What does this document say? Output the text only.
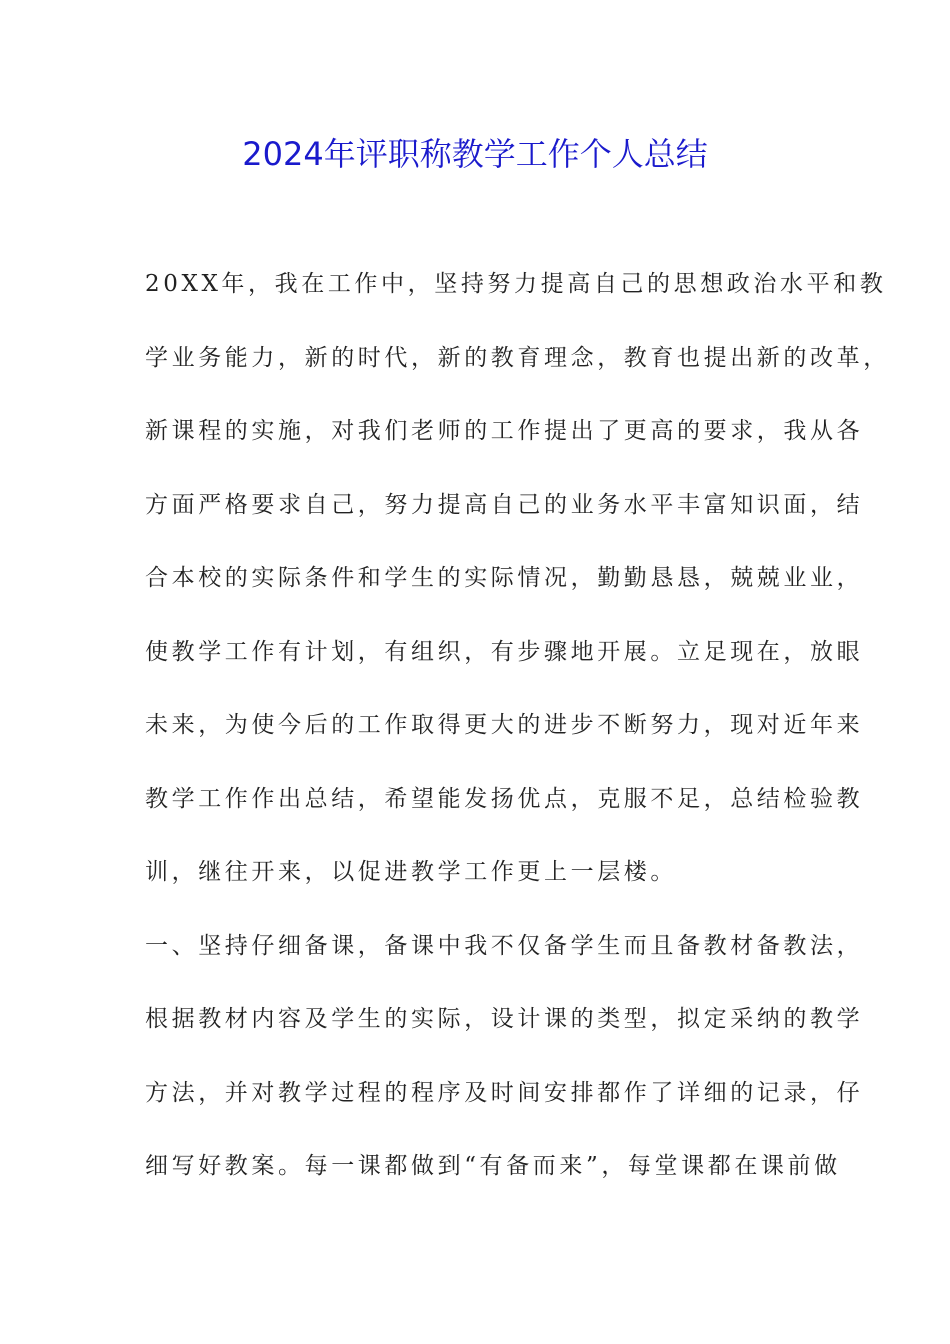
2024年评职称教学工作个人总结
20XX年，我在工作中，坚持努力提高自己的思想政治水平和教
学业务能力，新的时代，新的教育理念，教育也提出新的改革，
新课程的实施，对我们老师的工作提出了更高的要求，我从各
方面严格要求自己，努力提高自己的业务水平丰富知识面，结
合本校的实际条件和学生的实际情况，勤勤恳恳，兢兢业业，
使教学工作有计划，有组织，有步骤地开展。立足现在，放眼
未来，为使今后的工作取得更大的进步不断努力，现对近年来
教学工作作出总结，希望能发扬优点，克服不足，总结检验教
训，继往开来，以促进教学工作更上一层楼。
一、坚持仔细备课，备课中我不仅备学生而且备教材备教法，
根据教材内容及学生的实际，设计课的类型，拟定采纳的教学
方法，并对教学过程的程序及时间安排都作了详细的记录，仔
细写好教案。每一课都做到“有备而来”，每堂课都在课前做
